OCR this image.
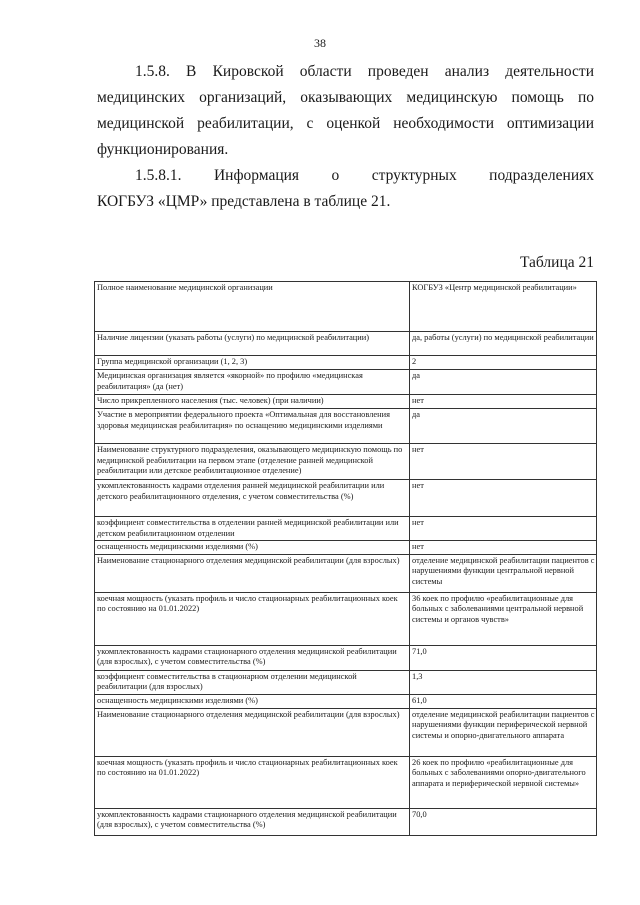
38
1.5.8. В Кировской области проведен анализ деятельности
медицинских организаций, оказывающих медицинскую помощь по
медицинской реабилитации, с оценкой необходимости оптимизации
функционирования.
1.5.8.1. Информация о структурных подразделениях
КОГБУЗ «ЦМР» представлена в таблице 21.
Таблица 21
Полное наименование медицинской организации	КОГБУЗ «Центр медицинской реабилитации»
Наличие лицензии (указать работы (услуги) по медицинской реабилитации)	да, работы (услуги) по медицинской реабилитации
Группа медицинской организации (1, 2, 3)	2
Медицинская организация является «якорной» по профилю «медицинская реабилитация» (да (нет)	да
Число прикрепленного населения (тыс. человек) (при наличии)	нет
Участие в мероприятии федерального проекта «Оптимальная для восстановления здоровья медицинская реабилитация» по оснащению медицинскими изделиями	да
Наименование структурного подразделения, оказывающего медицинскую помощь по медицинской реабилитации на первом этапе (отделение ранней медицинской реабилитации или детское реабилитационное отделение)	нет
укомплектованность кадрами отделения ранней медицинской реабилитации или детского реабилитационного отделения, с учетом совместительства (%)	нет
коэффициент совместительства в отделении ранней медицинской реабилитации или детском реабилитационном отделении	нет
оснащенность медицинскими изделиями (%)	нет
Наименование стационарного отделения медицинской реабилитации (для взрослых)	отделение медицинской реабилитации пациентов с нарушениями функции центральной нервной системы
коечная мощность (указать профиль и число стационарных реабилитационных коек по состоянию на 01.01.2022)	36 коек по профилю «реабилитационные для больных с заболеваниями центральной нервной системы и органов чувств»
укомплектованность кадрами стационарного отделения медицинской реабилитации (для взрослых), с учетом совместительства (%)	71,0
коэффициент совместительства в стационарном отделении медицинской реабилитации (для взрослых)	1,3
оснащенность медицинскими изделиями (%)	61,0
Наименование стационарного отделения медицинской реабилитации (для взрослых)	отделение медицинской реабилитации пациентов с нарушениями функции периферической нервной системы и опорно-двигательного аппарата
коечная мощность (указать профиль и число стационарных реабилитационных коек по состоянию на 01.01.2022)	26 коек по профилю «реабилитационные для больных с заболеваниями опорно-двигательного аппарата и периферической нервной системы»
укомплектованность кадрами стационарного отделения медицинской реабилитации (для взрослых), с учетом совместительства (%)	70,0
